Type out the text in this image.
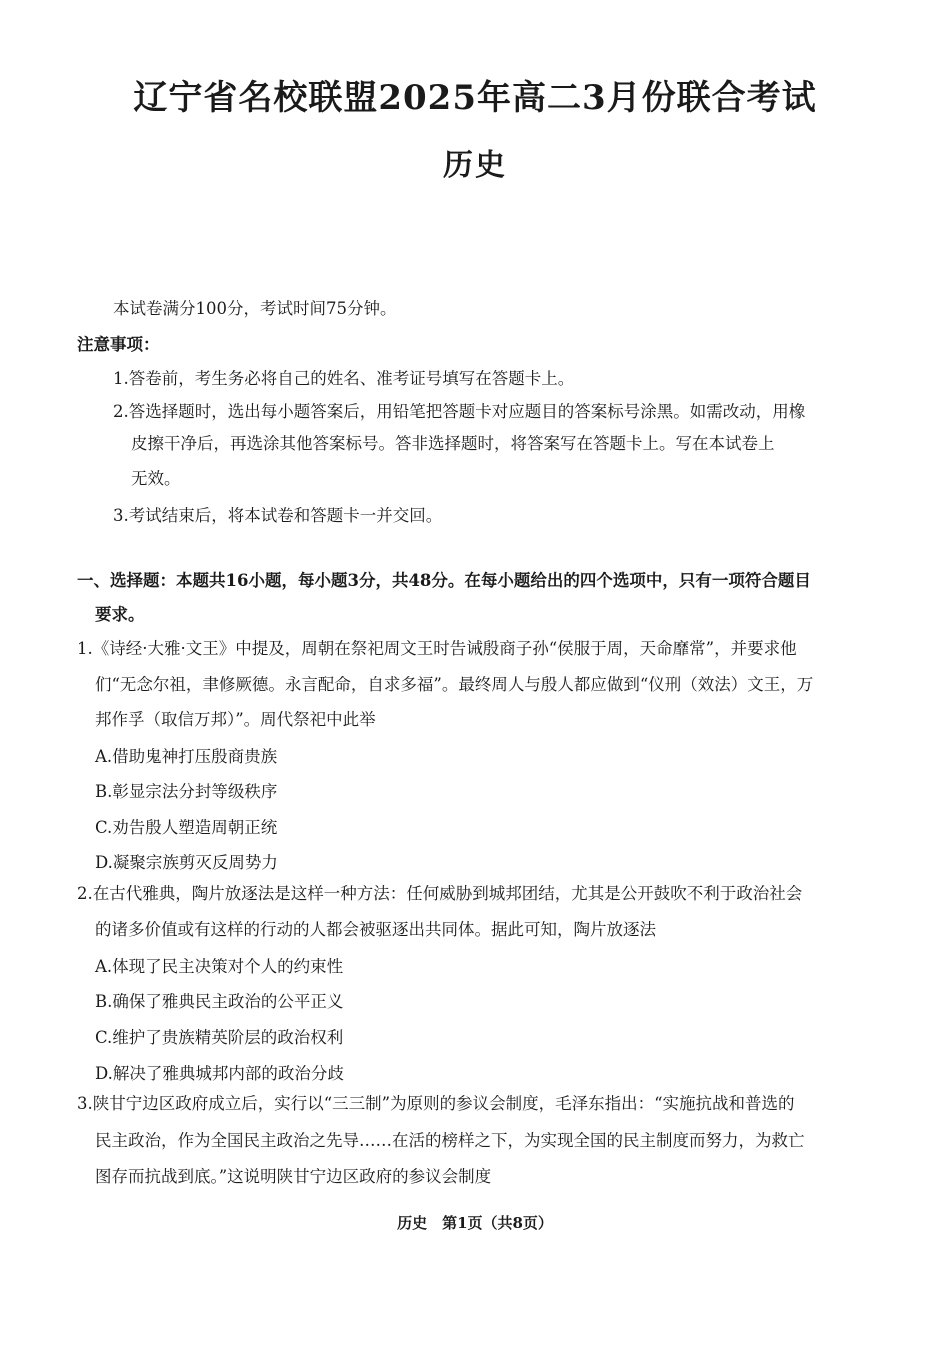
辽宁省名校联盟2025年高二3月份联合考试
历史
本试卷满分100分，考试时间75分钟。
注意事项：
1.答卷前，考生务必将自己的姓名、准考证号填写在答题卡上。
2.答选择题时，选出每小题答案后，用铅笔把答题卡对应题目的答案标号涂黑。如需改动，用橡
皮擦干净后，再选涂其他答案标号。答非选择题时，将答案写在答题卡上。写在本试卷上
无效。
3.考试结束后，将本试卷和答题卡一并交回。
一、选择题：本题共16小题，每小题3分，共48分。在每小题给出的四个选项中，只有一项符合题目
要求。
1.《诗经·大雅·文王》中提及，周朝在祭祀周文王时告诫殷商子孙“侯服于周，天命靡常”，并要求他
们“无念尔祖，聿修厥德。永言配命，自求多福”。最终周人与殷人都应做到“仪刑（效法）文王，万
邦作孚（取信万邦）”。周代祭祀中此举
A.借助鬼神打压殷商贵族
B.彰显宗法分封等级秩序
C.劝告殷人塑造周朝正统
D.凝聚宗族剪灭反周势力
2.在古代雅典，陶片放逐法是这样一种方法：任何威胁到城邦团结，尤其是公开鼓吹不利于政治社会
的诸多价值或有这样的行动的人都会被驱逐出共同体。据此可知，陶片放逐法
A.体现了民主决策对个人的约束性
B.确保了雅典民主政治的公平正义
C.维护了贵族精英阶层的政治权利
D.解决了雅典城邦内部的政治分歧
3.陕甘宁边区政府成立后，实行以“三三制”为原则的参议会制度，毛泽东指出：“实施抗战和普选的
民主政治，作为全国民主政治之先导……在活的榜样之下，为实现全国的民主制度而努力，为救亡
图存而抗战到底。”这说明陕甘宁边区政府的参议会制度
历史　第1页（共8页）
